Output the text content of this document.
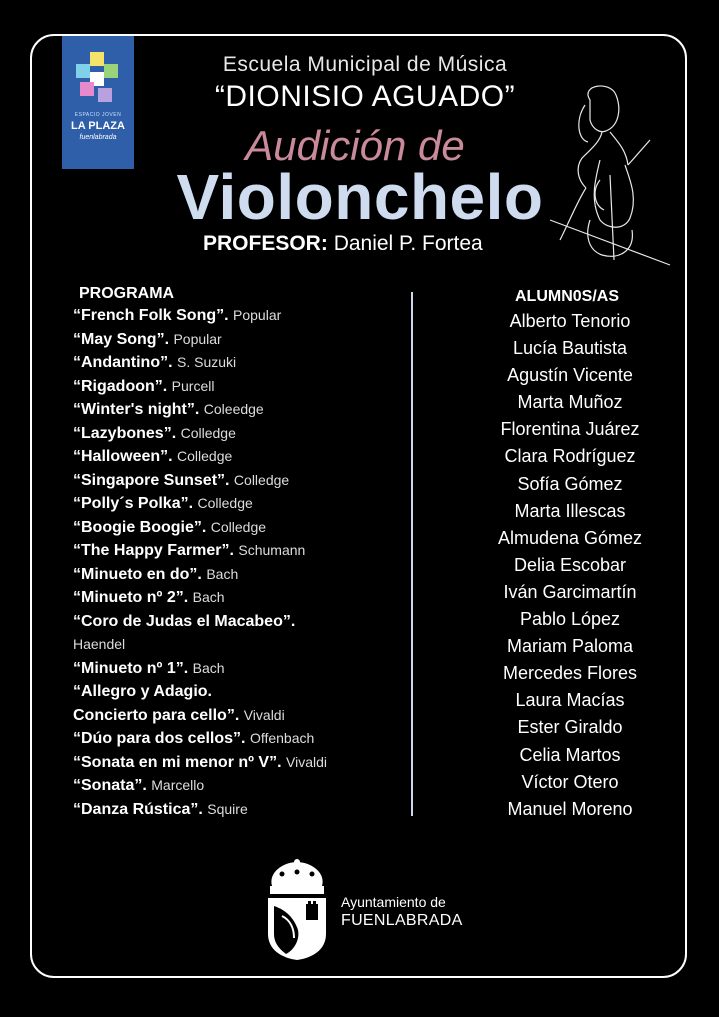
ESPACIO JOVEN
LA PLAZA
fuenlabrada
Escuela Municipal de Música
“DIONISIO AGUADO”
Audición de
Violonchelo
PROFESOR: Daniel P. Fortea
PROGRAMA
“French Folk Song”. Popular
“May Song”. Popular
“Andantino”. S. Suzuki
“Rigadoon”. Purcell
“Winter's night”. Coleedge
“Lazybones”. Colledge
“Halloween”. Colledge
“Singapore Sunset”. Colledge
“Polly´s Polka”. Colledge
“Boogie Boogie”. Colledge
“The Happy Farmer”. Schumann
“Minueto en do”. Bach
“Minueto nº 2”. Bach
“Coro de Judas el Macabeo”.
Haendel
“Minueto nº 1”. Bach
“Allegro y Adagio.
Concierto para cello”. Vivaldi
“Dúo para dos cellos”. Offenbach
“Sonata en mi menor nº V”. Vivaldi
“Sonata”. Marcello
“Danza Rústica”. Squire
ALUMN0S/AS
Alberto Tenorio
Lucía Bautista
Agustín Vicente
Marta Muñoz
Florentina Juárez
Clara Rodríguez
Sofía Gómez
Marta Illescas
Almudena Gómez
Delia Escobar
Iván Garcimartín
Pablo López
Mariam Paloma
Mercedes Flores
Laura Macías
Ester Giraldo
Celia Martos
Víctor Otero
Manuel Moreno
Ayuntamiento de
FUENLABRADA
